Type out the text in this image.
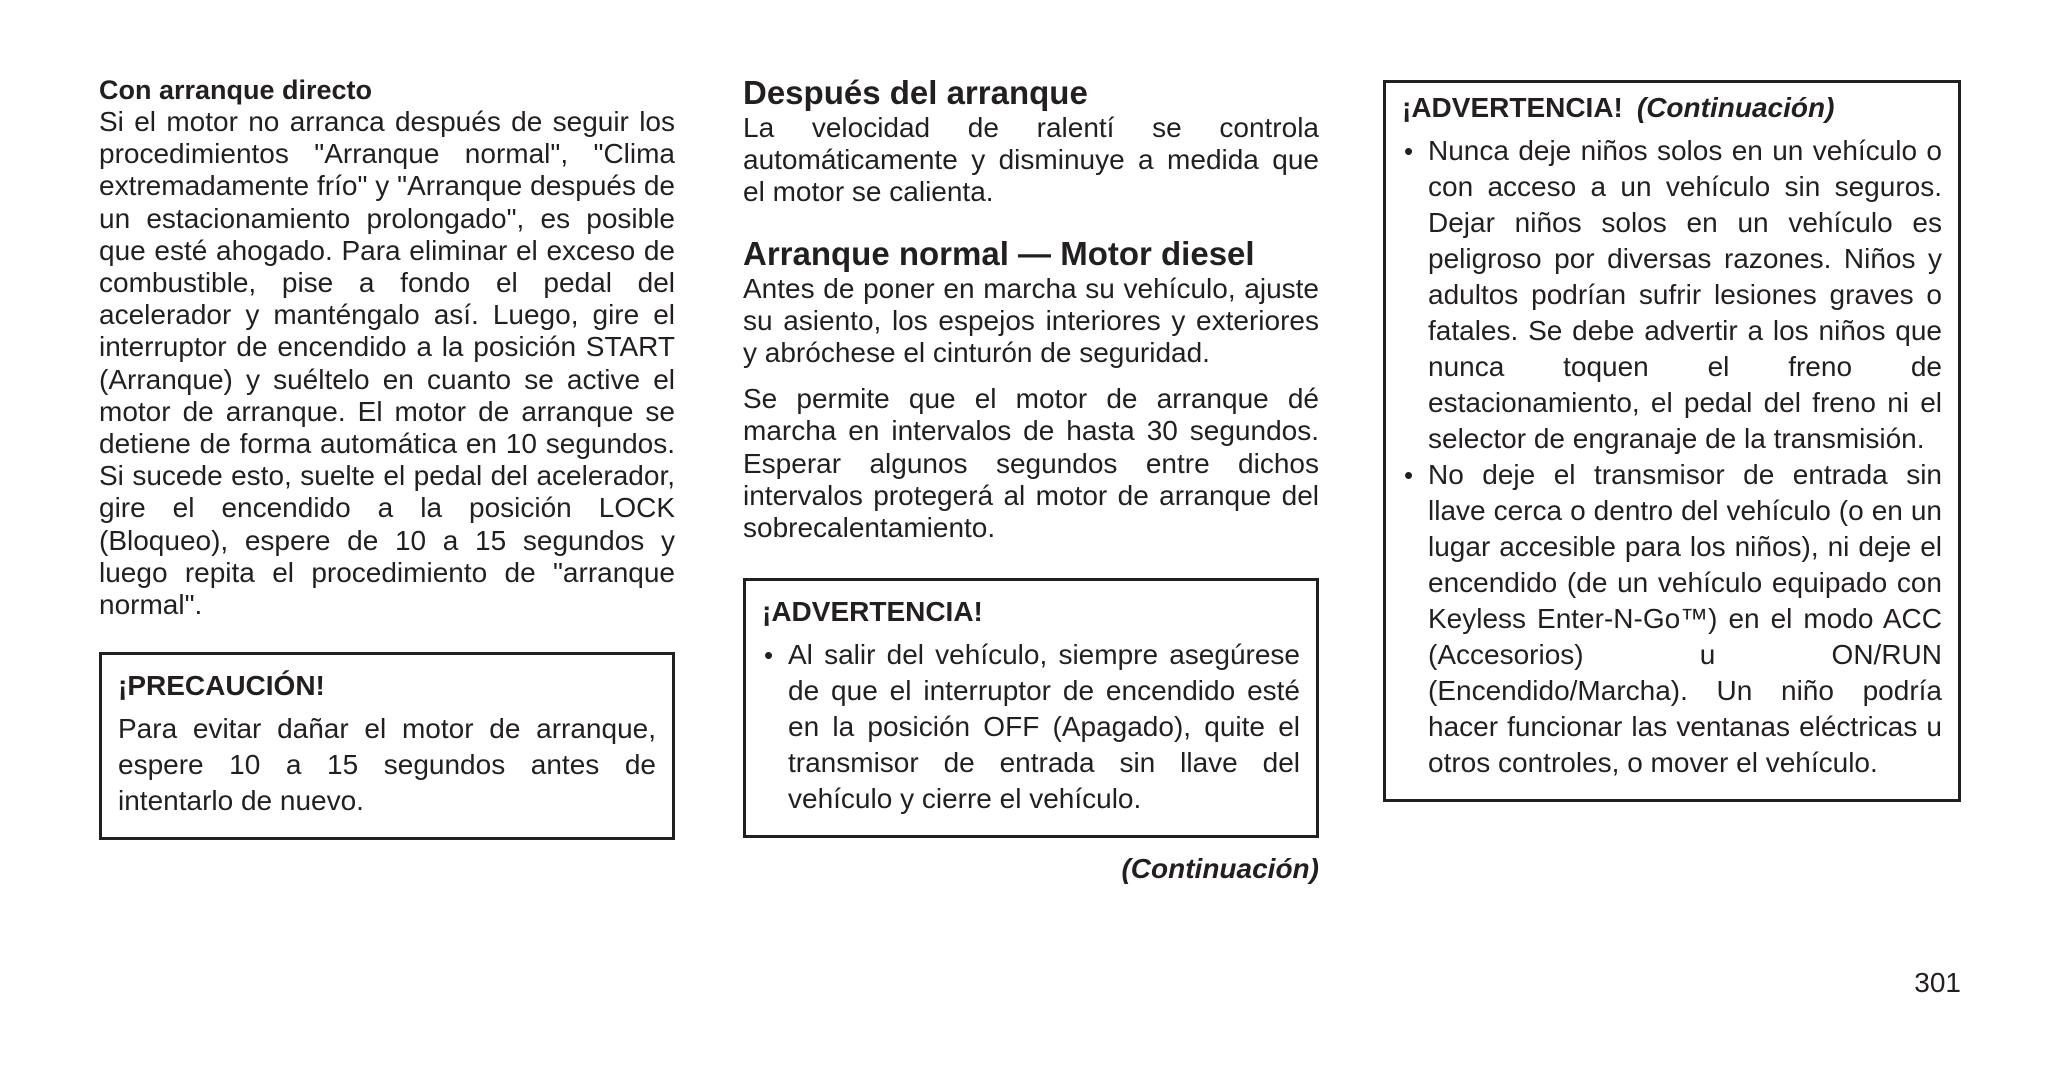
Con arranque directo

Si el motor no arranca después de seguir los procedimientos "Arranque normal", "Clima extremadamente frío" y "Arranque después de un estacionamiento prolongado", es posible que esté ahogado. Para eliminar el exceso de combustible, pise a fondo el pedal del acelerador y manténgalo así. Luego, gire el interruptor de encendido a la posición START (Arranque) y suéltelo en cuanto se active el motor de arranque. El motor de arranque se detiene de forma automática en 10 segundos. Si sucede esto, suelte el pedal del acelerador, gire el encendido a la posición LOCK (Bloqueo), espere de 10 a 15 segundos y luego repita el procedimiento de "arranque normal".

¡PRECAUCIÓN!

Para evitar dañar el motor de arranque, espere 10 a 15 segundos antes de intentarlo de nuevo.

Después del arranque

La velocidad de ralentí se controla automáticamente y disminuye a medida que el motor se calienta.

Arranque normal — Motor diesel

Antes de poner en marcha su vehículo, ajuste su asiento, los espejos interiores y exteriores y abróchese el cinturón de seguridad.

Se permite que el motor de arranque dé marcha en intervalos de hasta 30 segundos. Esperar algunos segundos entre dichos intervalos protegerá al motor de arranque del sobrecalentamiento.

¡ADVERTENCIA!
• Al salir del vehículo, siempre asegúrese de que el interruptor de encendido esté en la posición OFF (Apagado), quite el transmisor de entrada sin llave del vehículo y cierre el vehículo.
(Continuación)
¡ADVERTENCIA! (Continuación)
• Nunca deje niños solos en un vehículo o con acceso a un vehículo sin seguros. Dejar niños solos en un vehículo es peligroso por diversas razones. Niños y adultos podrían sufrir lesiones graves o fatales. Se debe advertir a los niños que nunca toquen el freno de estacionamiento, el pedal del freno ni el selector de engranaje de la transmisión.
• No deje el transmisor de entrada sin llave cerca o dentro del vehículo (o en un lugar accesible para los niños), ni deje el encendido (de un vehículo equipado con Keyless Enter-N-Go™) en el modo ACC (Accesorios) u ON/RUN (Encendido/Marcha). Un niño podría hacer funcionar las ventanas eléctricas u otros controles, o mover el vehículo.
301
